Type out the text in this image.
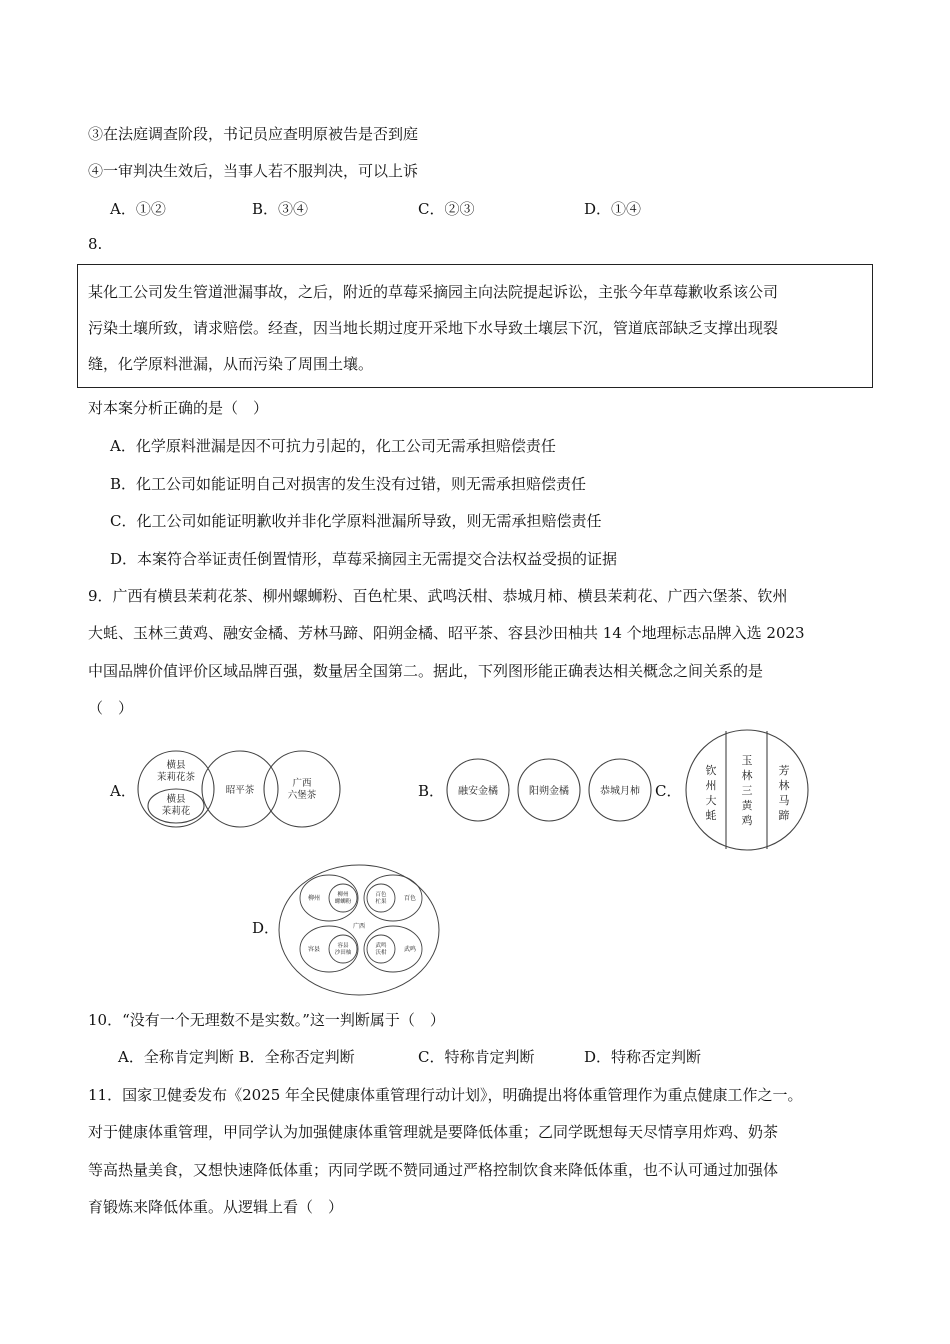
③在法庭调查阶段，书记员应查明原被告是否到庭
④一审判决生效后，当事人若不服判决，可以上诉
A．①②	B．③④	C．②③	D．①④
8.
某化工公司发生管道泄漏事故，之后，附近的草莓采摘园主向法院提起诉讼，主张今年草莓歉收系该公司
污染土壤所致，请求赔偿。经查，因当地长期过度开采地下水导致土壤层下沉，管道底部缺乏支撑出现裂
缝，化学原料泄漏，从而污染了周围土壤。
对本案分析正确的是（　）
A．化学原料泄漏是因不可抗力引起的，化工公司无需承担赔偿责任
B．化工公司如能证明自己对损害的发生没有过错，则无需承担赔偿责任
C．化工公司如能证明歉收并非化学原料泄漏所导致，则无需承担赔偿责任
D．本案符合举证责任倒置情形，草莓采摘园主无需提交合法权益受损的证据
9．广西有横县茉莉花茶、柳州螺蛳粉、百色杧果、武鸣沃柑、恭城月柿、横县茉莉花、广西六堡茶、钦州
大蚝、玉林三黄鸡、融安金橘、芳林马蹄、阳朔金橘、昭平茶、容县沙田柚共 14 个地理标志品牌入选 2023
中国品牌价值评价区域品牌百强，数量居全国第二。据此，下列图形能正确表达相关概念之间关系的是
（　）
A．
横县
茉莉花茶
横县
茉莉花
昭平茶
广西
六堡茶	B． 融安金橘	阳朔金橘	恭城月柿 C．
钦
州
大
蚝
玉
林
三
黄
鸡
芳
林
马
蹄
D．	广西
柳州	柳州
螺蛳粉
百色
杧果	百色
容县	容县
沙田柚
武鸣
沃柑	武鸣
10．“没有一个无理数不是实数。”这一判断属于（　）
A．全称肯定判断 B．全称否定判断	C．特称肯定判断	D．特称否定判断
11．国家卫健委发布《2025 年全民健康体重管理行动计划》，明确提出将体重管理作为重点健康工作之一。
对于健康体重管理，甲同学认为加强健康体重管理就是要降低体重；乙同学既想每天尽情享用炸鸡、奶茶
等高热量美食，又想快速降低体重；丙同学既不赞同通过严格控制饮食来降低体重，也不认可通过加强体
育锻炼来降低体重。从逻辑上看（　）
